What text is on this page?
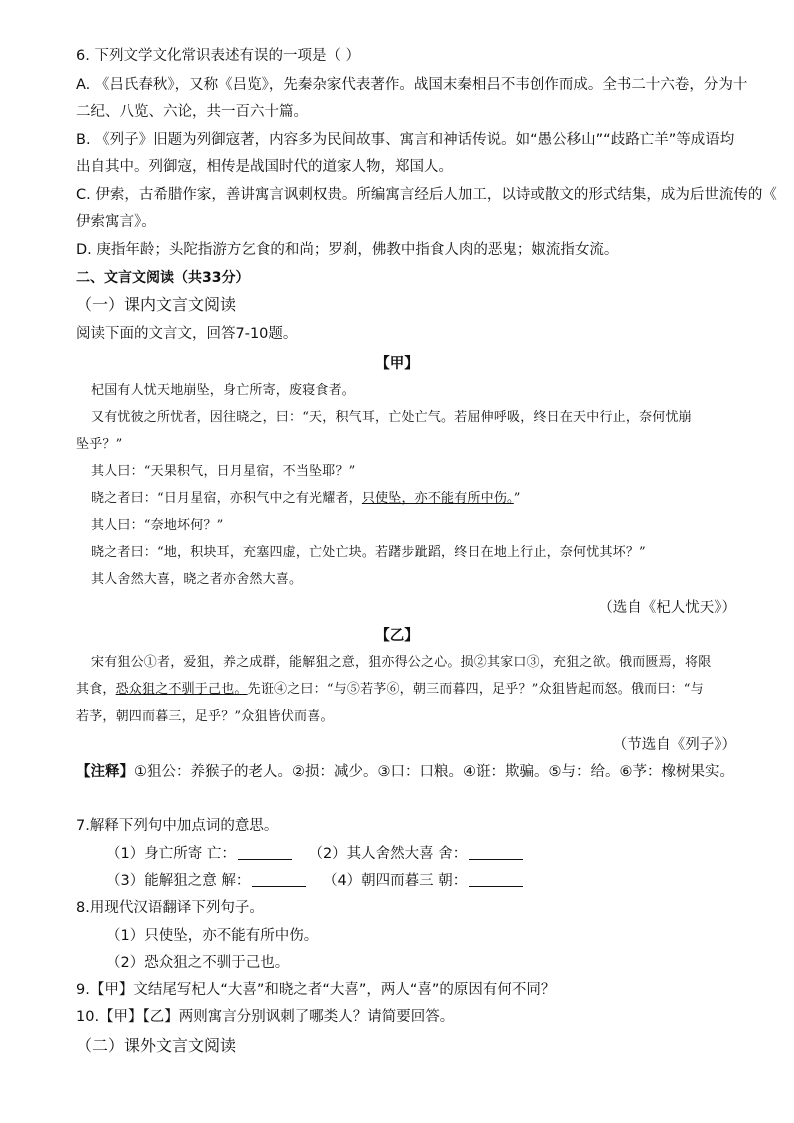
6. 下列文学文化常识表述有误的一项是（ ）
A. 《吕氏春秋》，又称《吕览》，先秦杂家代表著作。战国末秦相吕不韦创作而成。全书二十六卷，分为十
二纪、八览、六论，共一百六十篇。
B. 《列子》旧题为列御寇著，内容多为民间故事、寓言和神话传说。如“愚公移山”“歧路亡羊”等成语均
出自其中。列御寇，相传是战国时代的道家人物，郑国人。
C. 伊索，古希腊作家，善讲寓言讽刺权贵。所编寓言经后人加工，以诗或散文的形式结集，成为后世流传的《
伊索寓言》。
D. 庚指年龄；头陀指游方乞食的和尚；罗刹，佛教中指食人肉的恶鬼；婌流指女流。
二、文言文阅读（共33分）
（一）课内文言文阅读
阅读下面的文言文，回答7-10题。
【甲】
杞国有人忧天地崩坠，身亡所寄，废寝食者。
又有忧彼之所忧者，因往晓之，曰：“天，积气耳，亡处亡气。若屈伸呼吸，终日在天中行止，奈何忧崩
坠乎？”
其人曰：“天果积气，日月星宿，不当坠耶？”
晓之者曰：“日月星宿，亦积气中之有光耀者，只使坠，亦不能有所中伤。”
其人曰：“奈地坏何？”
晓之者曰：“地，积块耳，充塞四虚，亡处亡块。若躇步跐蹈，终日在地上行止，奈何忧其坏？”
其人舍然大喜，晓之者亦舍然大喜。
（选自《杞人忧天》）
【乙】
宋有狙公①者，爱狙，养之成群，能解狙之意，狙亦得公之心。损②其家口③，充狙之欲。俄而匮焉，将限
其食，恐众狙之不驯于己也。先诳④之曰：“与⑤若芧⑥，朝三而暮四，足乎？”众狙皆起而怒。俄而曰：“与
若芧，朝四而暮三，足乎？”众狙皆伏而喜。
（节选自《列子》）
【注释】①狙公：养猴子的老人。②损：减少。③口：口粮。④诳：欺骗。⑤与：给。⑥芧：橡树果实。
7.解释下列句中加点词的意思。
（1）身亡所寄 亡：	（2）其人舍然大喜 舍：
（3）能解狙之意 解：	（4）朝四而暮三 朝：
8.用现代汉语翻译下列句子。
（1）只使坠，亦不能有所中伤。
（2）恐众狙之不驯于己也。
9.【甲】文结尾写杞人“大喜”和晓之者“大喜”，两人“喜”的原因有何不同？
10.【甲】【乙】两则寓言分别讽刺了哪类人？请简要回答。
（二）课外文言文阅读
